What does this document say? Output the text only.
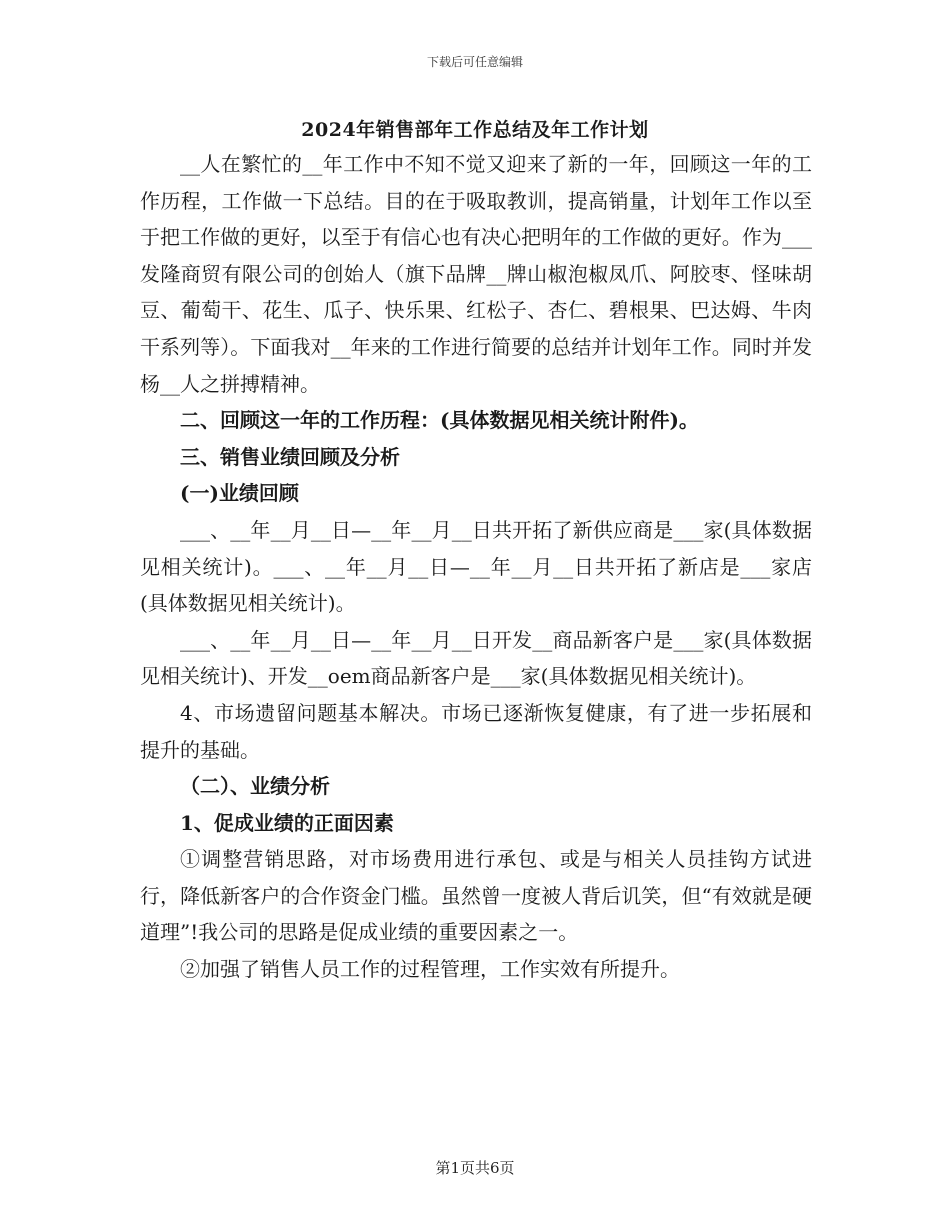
下载后可任意编辑
2024年销售部年工作总结及年工作计划

__人在繁忙的__年工作中不知不觉又迎来了新的一年，回顾这一年的工作历程，工作做一下总结。目的在于吸取教训，提高销量，计划年工作以至于把工作做的更好，以至于有信心也有决心把明年的工作做的更好。作为___发隆商贸有限公司的创始人（旗下品牌__牌山椒泡椒凤爪、阿胶枣、怪味胡豆、葡萄干、花生、瓜子、快乐果、红松子、杏仁、碧根果、巴达姆、牛肉干系列等）。下面我对__年来的工作进行简要的总结并计划年工作。同时并发杨__人之拼搏精神。

二、回顾这一年的工作历程：(具体数据见相关统计附件)。

三、销售业绩回顾及分析

(一)业绩回顾

___、__年__月__日—__年__月__日共开拓了新供应商是___家(具体数据见相关统计)。___、__年__月__日—__年__月__日共开拓了新店是___家店(具体数据见相关统计)。

___、__年__月__日—__年__月__日开发__商品新客户是___家(具体数据见相关统计)、开发__oem商品新客户是___家(具体数据见相关统计)。

4、市场遗留问题基本解决。市场已逐渐恢复健康，有了进一步拓展和提升的基础。

（二）、业绩分析

1、促成业绩的正面因素

①调整营销思路，对市场费用进行承包、或是与相关人员挂钩方试进行，降低新客户的合作资金门槛。虽然曾一度被人背后讥笑，但“有效就是硬道理”!我公司的思路是促成业绩的重要因素之一。

②加强了销售人员工作的过程管理，工作实效有所提升。

第1页共6页
